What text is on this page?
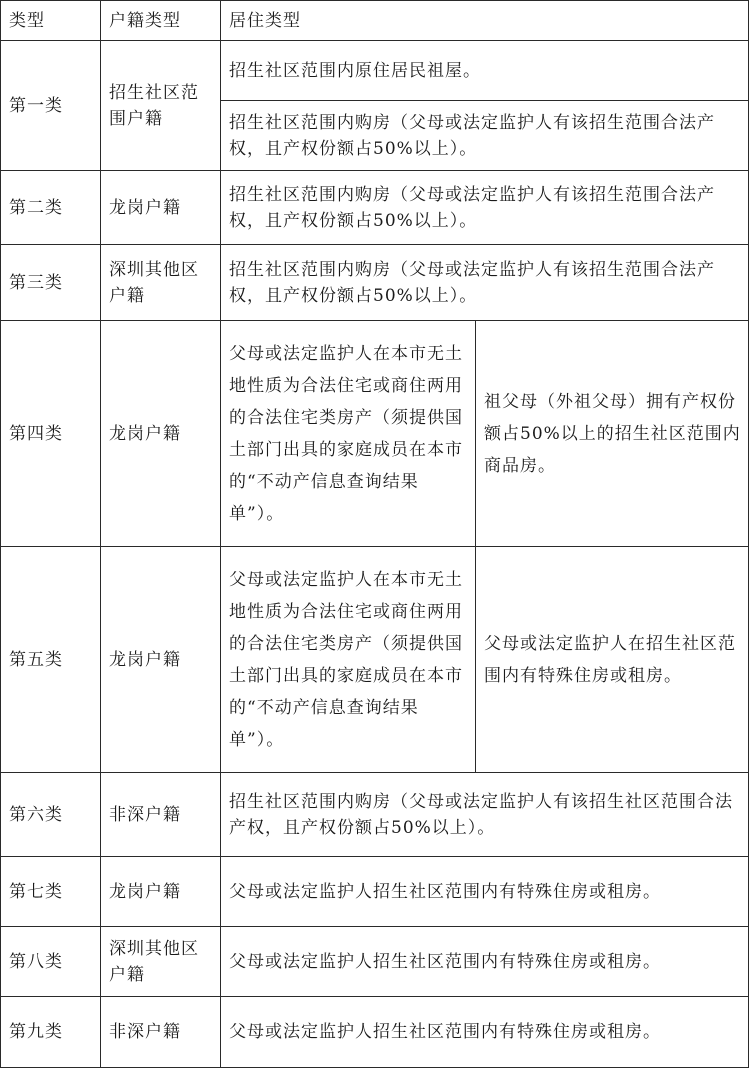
类型	户籍类型	居住类型	
第一类	招生社区范围户籍	招生社区范围内原住居民祖屋。	
		招生社区范围内购房（父母或法定监护人有该招生范围合法产权，且产权份额占50%以上）。	
第二类	龙岗户籍	招生社区范围内购房（父母或法定监护人有该招生范围合法产权，且产权份额占50%以上）。	
第三类	深圳其他区户籍	招生社区范围内购房（父母或法定监护人有该招生范围合法产权，且产权份额占50%以上）。	
第四类	龙岗户籍	父母或法定监护人在本市无土地性质为合法住宅或商住两用的合法住宅类房产（须提供国土部门出具的家庭成员在本市的“不动产信息查询结果单”）。	祖父母（外祖父母）拥有产权份额占50%以上的招生社区范围内商品房。
第五类	龙岗户籍	父母或法定监护人在本市无土地性质为合法住宅或商住两用的合法住宅类房产（须提供国土部门出具的家庭成员在本市的“不动产信息查询结果单”）。	父母或法定监护人在招生社区范围内有特殊住房或租房。
第六类	非深户籍	招生社区范围内购房（父母或法定监护人有该招生社区范围合法产权，且产权份额占50%以上）。	
第七类	龙岗户籍	父母或法定监护人招生社区范围内有特殊住房或租房。	
第八类	深圳其他区户籍	父母或法定监护人招生社区范围内有特殊住房或租房。	
第九类	非深户籍	父母或法定监护人招生社区范围内有特殊住房或租房。	
